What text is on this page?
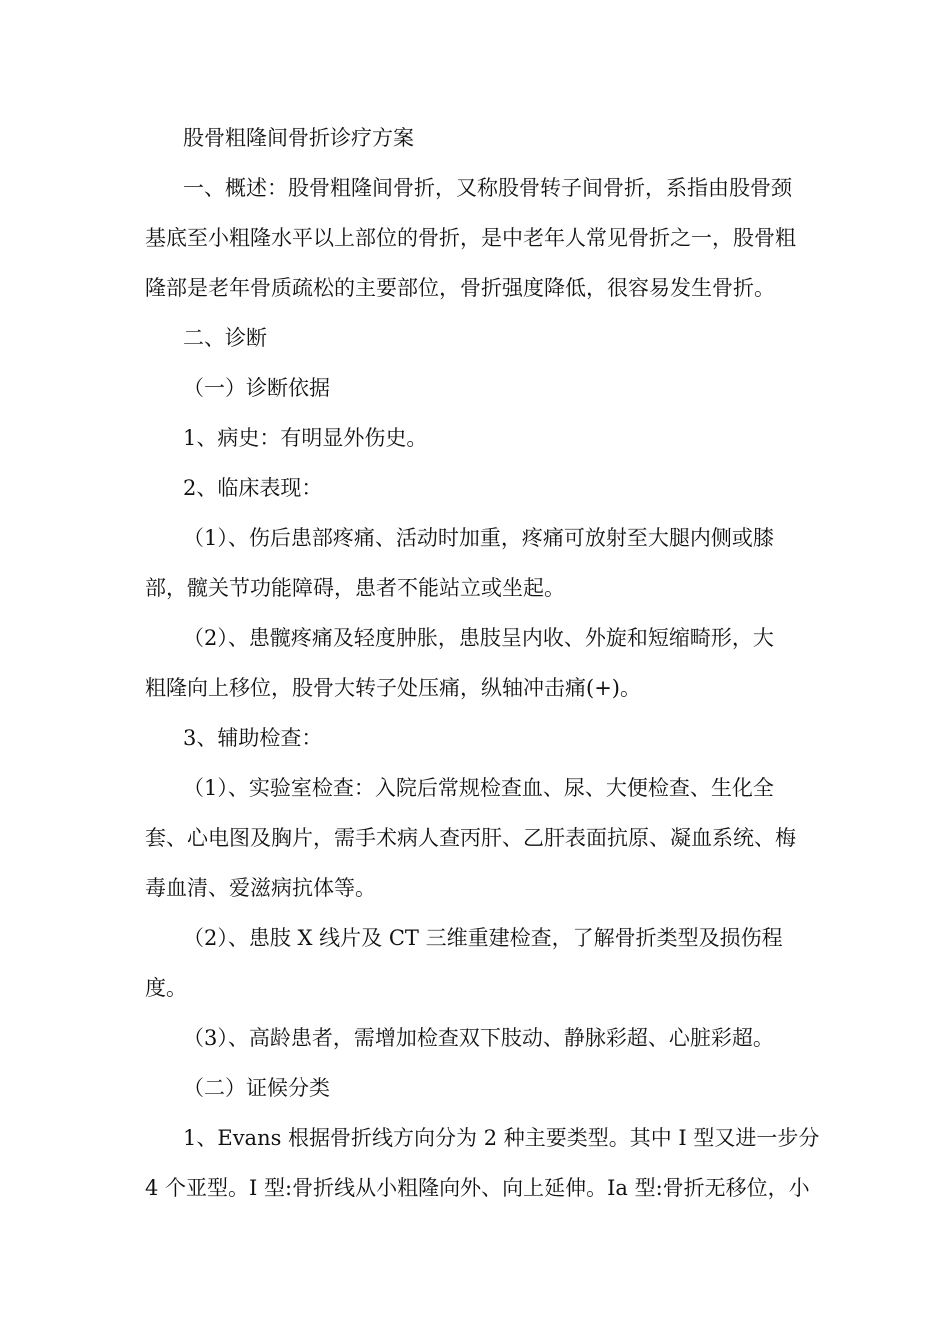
股骨粗隆间骨折诊疗方案
一、概述：股骨粗隆间骨折，又称股骨转子间骨折，系指由股骨颈
基底至小粗隆水平以上部位的骨折，是中老年人常见骨折之一，股骨粗
隆部是老年骨质疏松的主要部位，骨折强度降低，很容易发生骨折。
二、诊断
（一）诊断依据
1、病史：有明显外伤史。
2、临床表现：
（1）、伤后患部疼痛、活动时加重，疼痛可放射至大腿内侧或膝
部，髋关节功能障碍，患者不能站立或坐起。
（2）、患髋疼痛及轻度肿胀，患肢呈内收、外旋和短缩畸形，大
粗隆向上移位，股骨大转子处压痛，纵轴冲击痛(+)。
3、辅助检查：
（1）、实验室检查：入院后常规检查血、尿、大便检查、生化全
套、心电图及胸片，需手术病人查丙肝、乙肝表面抗原、凝血系统、梅
毒血清、爱滋病抗体等。
（2）、患肢 X 线片及 CT 三维重建检查，了解骨折类型及损伤程
度。
（3）、高龄患者，需增加检查双下肢动、静脉彩超、心脏彩超。
（二）证候分类
1、Evans 根据骨折线方向分为 2 种主要类型。其中 I 型又进一步分
4 个亚型。I 型:骨折线从小粗隆向外、向上延伸。Ia 型:骨折无移位，小
